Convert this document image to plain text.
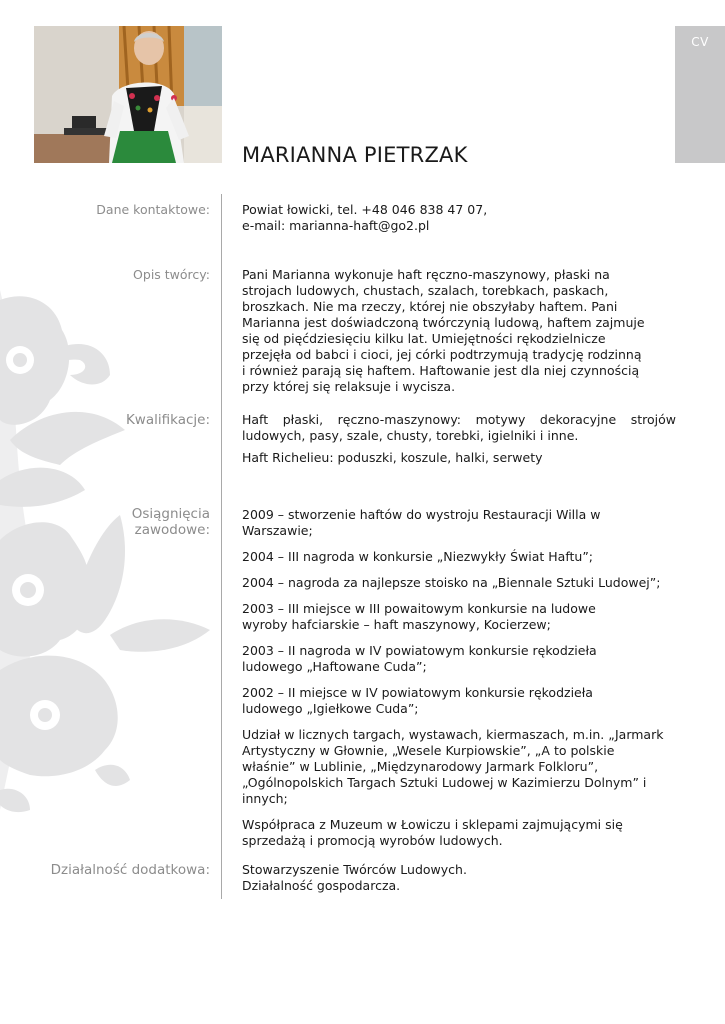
CV
MARIANNA PIETRZAK
Dane kontaktowe:
Opis twórcy:
Kwalifikacje:
Osiągnięcia
zawodowe:
Działalność dodatkowa:

Powiat łowicki, tel. +48 046 838 47 07,

e-mail: marianna-haft@go2.pl

Pani Marianna wykonuje haft ręczno-maszynowy, płaski na strojach ludowych, chustach, szalach, torebkach, paskach, broszkach. Nie ma rzeczy, której nie obszyłaby haftem. Pani Marianna jest doświadczoną twórczynią ludową, haftem zajmuje się od pięćdziesięciu kilku lat. Umiejętności rękodzielnicze przejęła od babci i cioci, jej córki podtrzymują tradycję rodzinną i również parają się haftem. Haftowanie jest dla niej czynnością przy której się relaksuje i wycisza.

Haft płaski, ręczno-maszynowy: motywy dekoracyjne strojów ludowych, pasy, szale, chusty, torebki, igielniki i inne.

Haft Richelieu: poduszki, koszule, halki, serwety

2009 – stworzenie haftów do wystroju Restauracji Willa w Warszawie;

2004 – III nagroda w konkursie „Niezwykły Świat Haftu”;

2004 – nagroda za najlepsze stoisko na „Biennale Sztuki Ludowej”;

2003 – III miejsce w III powaitowym konkursie na ludowe wyroby hafciarskie – haft maszynowy, Kocierzew;

2003 – II nagroda w IV powiatowym konkursie rękodzieła ludowego „Haftowane Cuda”;

2002 – II miejsce w IV powiatowym konkursie rękodzieła ludowego „Igiełkowe Cuda”;

Udział w licznych targach, wystawach, kiermaszach, m.in. „Jarmark Artystyczny w Głownie, „Wesele Kurpiowskie”, „A to polskie właśnie” w Lublinie, „Międzynarodowy Jarmark Folkloru”, „Ogólnopolskich Targach Sztuki Ludowej w Kazimierzu Dolnym” i innych;

Współpraca z Muzeum w Łowiczu i sklepami zajmującymi się sprzedażą i promocją wyrobów ludowych.

Stowarzyszenie Twórców Ludowych.

Działalność gospodarcza.
